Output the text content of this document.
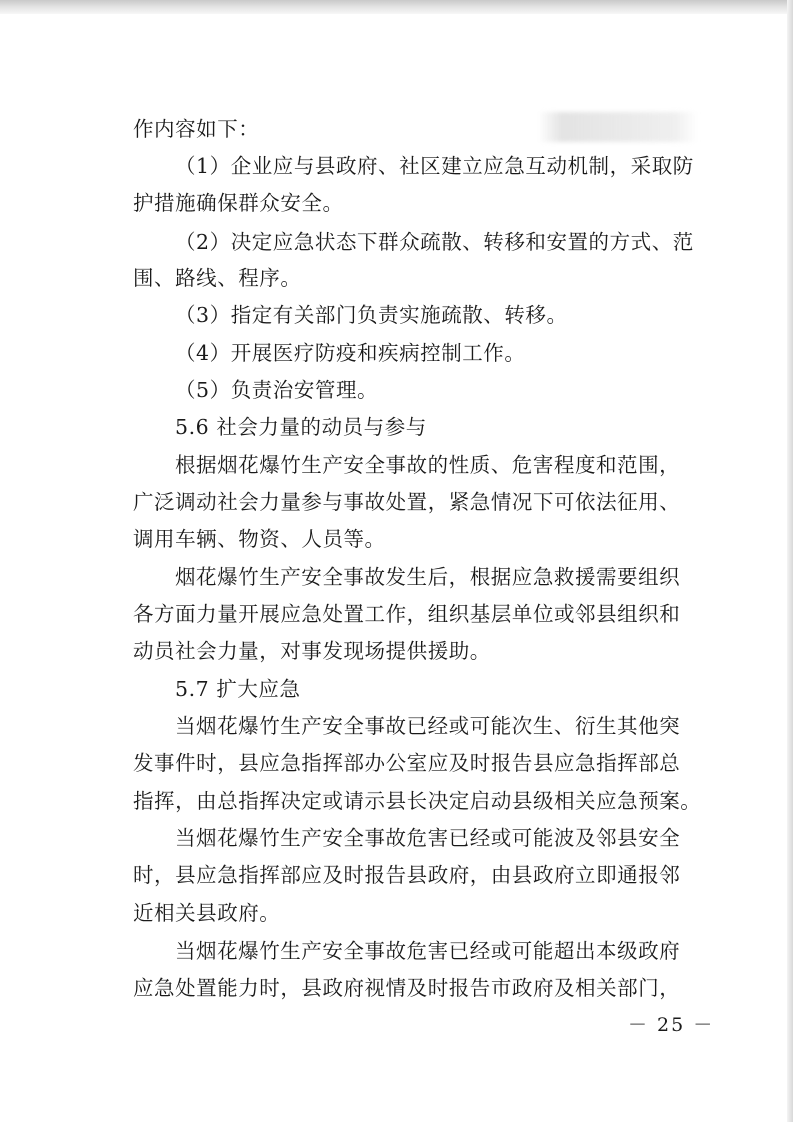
作内容如下：
（1）企业应与县政府、社区建立应急互动机制，采取防
护措施确保群众安全。
（2）决定应急状态下群众疏散、转移和安置的方式、范
围、路线、程序。
（3）指定有关部门负责实施疏散、转移。
（4）开展医疗防疫和疾病控制工作。
（5）负责治安管理。
5.6 社会力量的动员与参与
根据烟花爆竹生产安全事故的性质、危害程度和范围，
广泛调动社会力量参与事故处置，紧急情况下可依法征用、
调用车辆、物资、人员等。
烟花爆竹生产安全事故发生后，根据应急救援需要组织
各方面力量开展应急处置工作，组织基层单位或邻县组织和
动员社会力量，对事发现场提供援助。
5.7 扩大应急
当烟花爆竹生产安全事故已经或可能次生、衍生其他突
发事件时，县应急指挥部办公室应及时报告县应急指挥部总
指挥，由总指挥决定或请示县长决定启动县级相关应急预案。
当烟花爆竹生产安全事故危害已经或可能波及邻县安全
时，县应急指挥部应及时报告县政府，由县政府立即通报邻
近相关县政府。
当烟花爆竹生产安全事故危害已经或可能超出本级政府
应急处置能力时，县政府视情及时报告市政府及相关部门，
－ 25 －
